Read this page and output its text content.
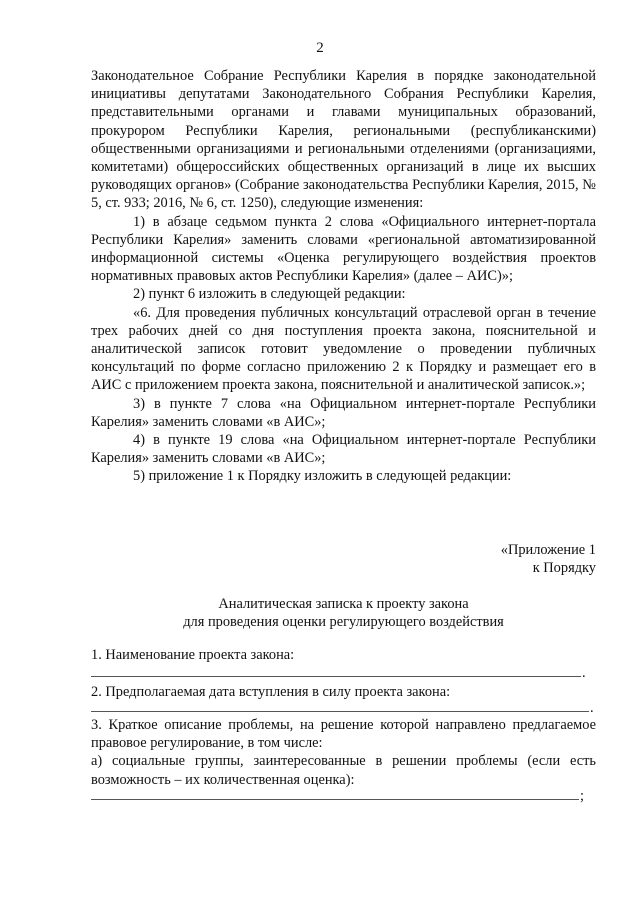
2

Законодательное Собрание Республики Карелия в порядке законодательной инициативы депутатами Законодательного Собрания Республики Карелия, представительными органами и главами муниципальных образований, прокурором Республики Карелия, региональными (республиканскими) общественными организациями и региональными отделениями (организациями, комитетами) общероссийских общественных организаций в лице их высших руководящих органов» (Собрание законодательства Республики Карелия, 2015, № 5, ст. 933; 2016, № 6, ст. 1250), следующие изменения:

1) в абзаце седьмом пункта 2 слова «Официального интернет-портала Республики Карелия» заменить словами «региональной автоматизированной информационной системы «Оценка регулирующего воздействия проектов нормативных правовых актов Республики Карелия» (далее – АИС)»;

2) пункт 6 изложить в следующей редакции:

«6. Для проведения публичных консультаций отраслевой орган в течение трех рабочих дней со дня поступления проекта закона, пояснительной и аналитической записок готовит уведомление о проведении публичных консультаций по форме согласно приложению 2 к Порядку и размещает его в АИС с приложением проекта закона, пояснительной и аналитической записок.»;

3) в пункте 7 слова «на Официальном интернет-портале Республики Карелия» заменить словами «в АИС»;

4) в пункте 19 слова «на Официальном интернет-портале Республики Карелия» заменить словами «в АИС»;

5) приложение 1 к Порядку изложить в следующей редакции:

«Приложение 1
к Порядку
Аналитическая записка к проекту закона
для проведения оценки регулирующего воздействия

1. Наименование проекта закона:

.

2. Предполагаемая дата вступления в силу проекта закона:

.

3. Краткое описание проблемы, на решение которой направлено предлагаемое правовое регулирование, в том числе:

а) социальные группы, заинтересованные в решении проблемы (если есть возможность – их количественная оценка):

;
